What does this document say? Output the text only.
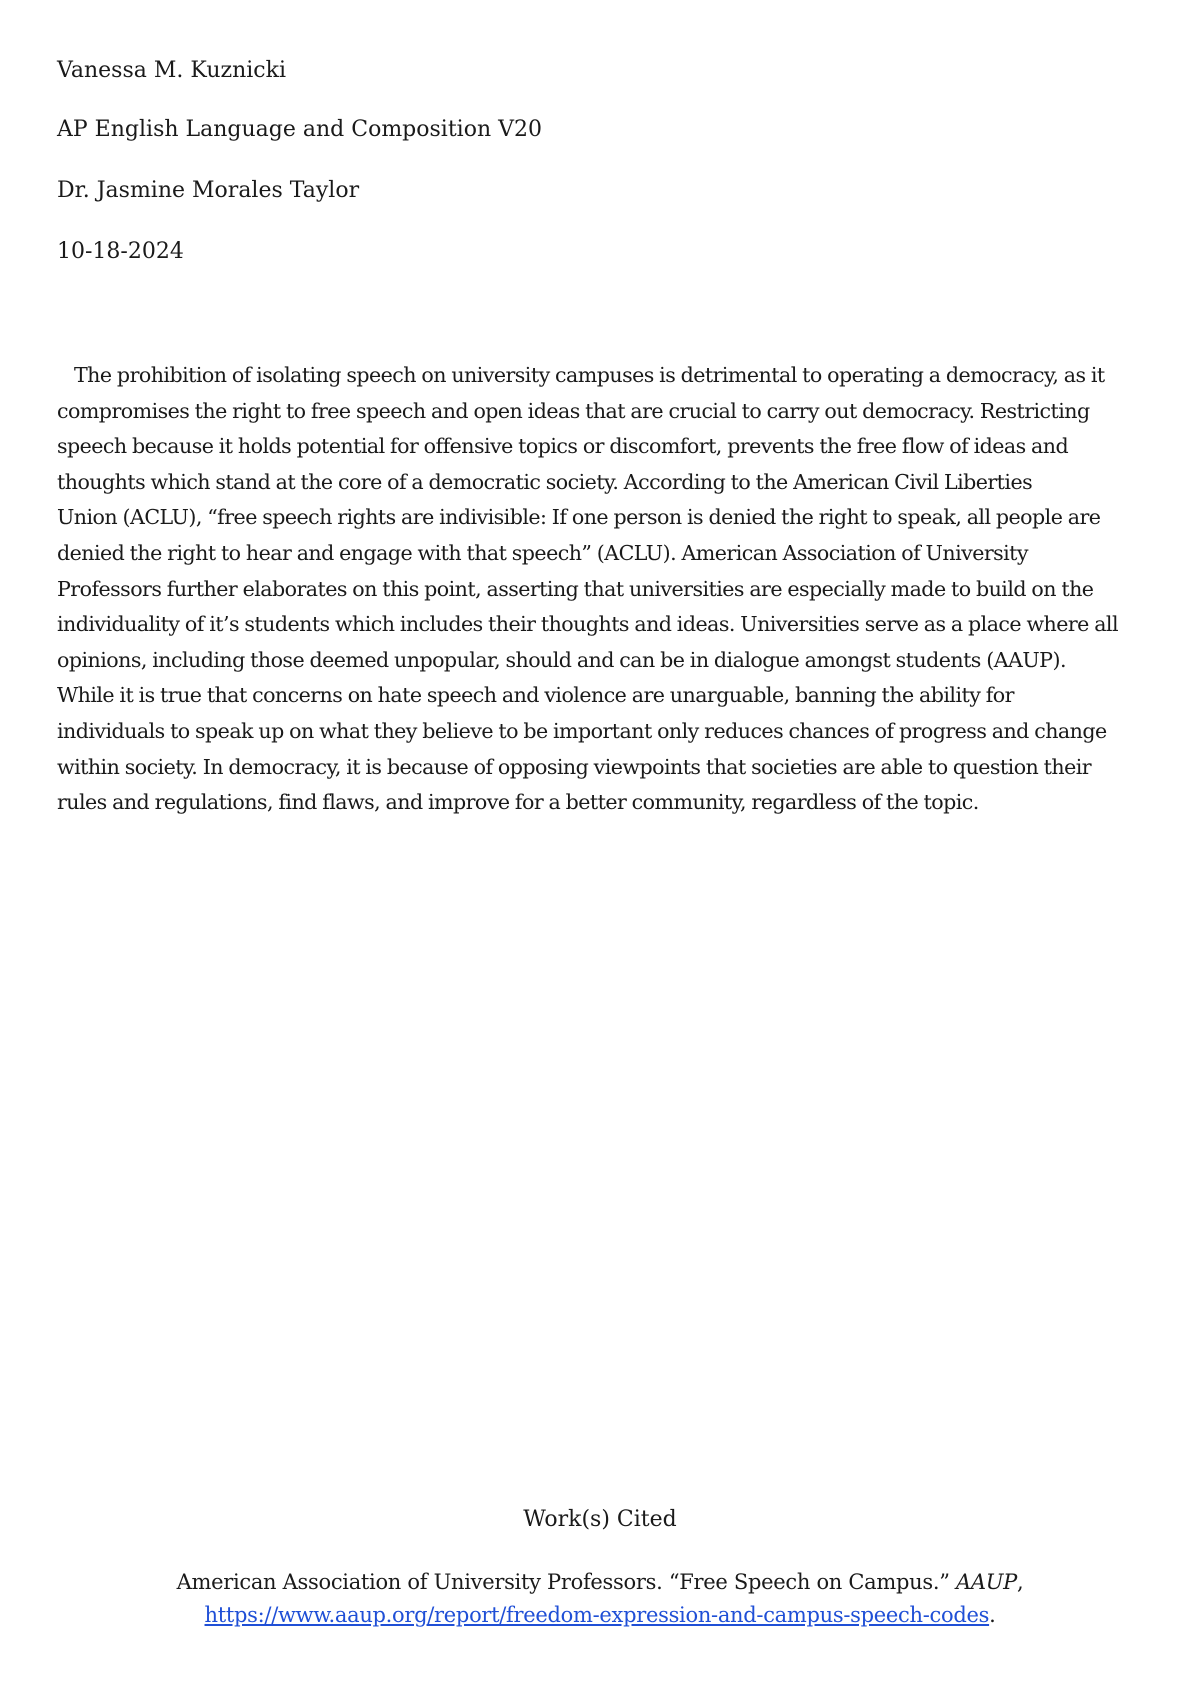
Vanessa M. Kuznicki
AP English Language and Composition V20
Dr. Jasmine Morales Taylor
10-18-2024
The prohibition of isolating speech on university campuses is detrimental to operating a democracy, as it
compromises the right to free speech and open ideas that are crucial to carry out democracy. Restricting
speech because it holds potential for offensive topics or discomfort, prevents the free flow of ideas and
thoughts which stand at the core of a democratic society. According to the American Civil Liberties
Union (ACLU), “free speech rights are indivisible: If one person is denied the right to speak, all people are
denied the right to hear and engage with that speech” (ACLU). American Association of University
Professors further elaborates on this point, asserting that universities are especially made to build on the
individuality of it’s students which includes their thoughts and ideas. Universities serve as a place where all
opinions, including those deemed unpopular, should and can be in dialogue amongst students (AAUP).
While it is true that concerns on hate speech and violence are unarguable, banning the ability for
individuals to speak up on what they believe to be important only reduces chances of progress and change
within society. In democracy, it is because of opposing viewpoints that societies are able to question their
rules and regulations, find flaws, and improve for a better community, regardless of the topic.
Work(s) Cited
American Association of University Professors. “Free Speech on Campus.” AAUP,
https://www.aaup.org/report/freedom-expression-and-campus-speech-codes.
